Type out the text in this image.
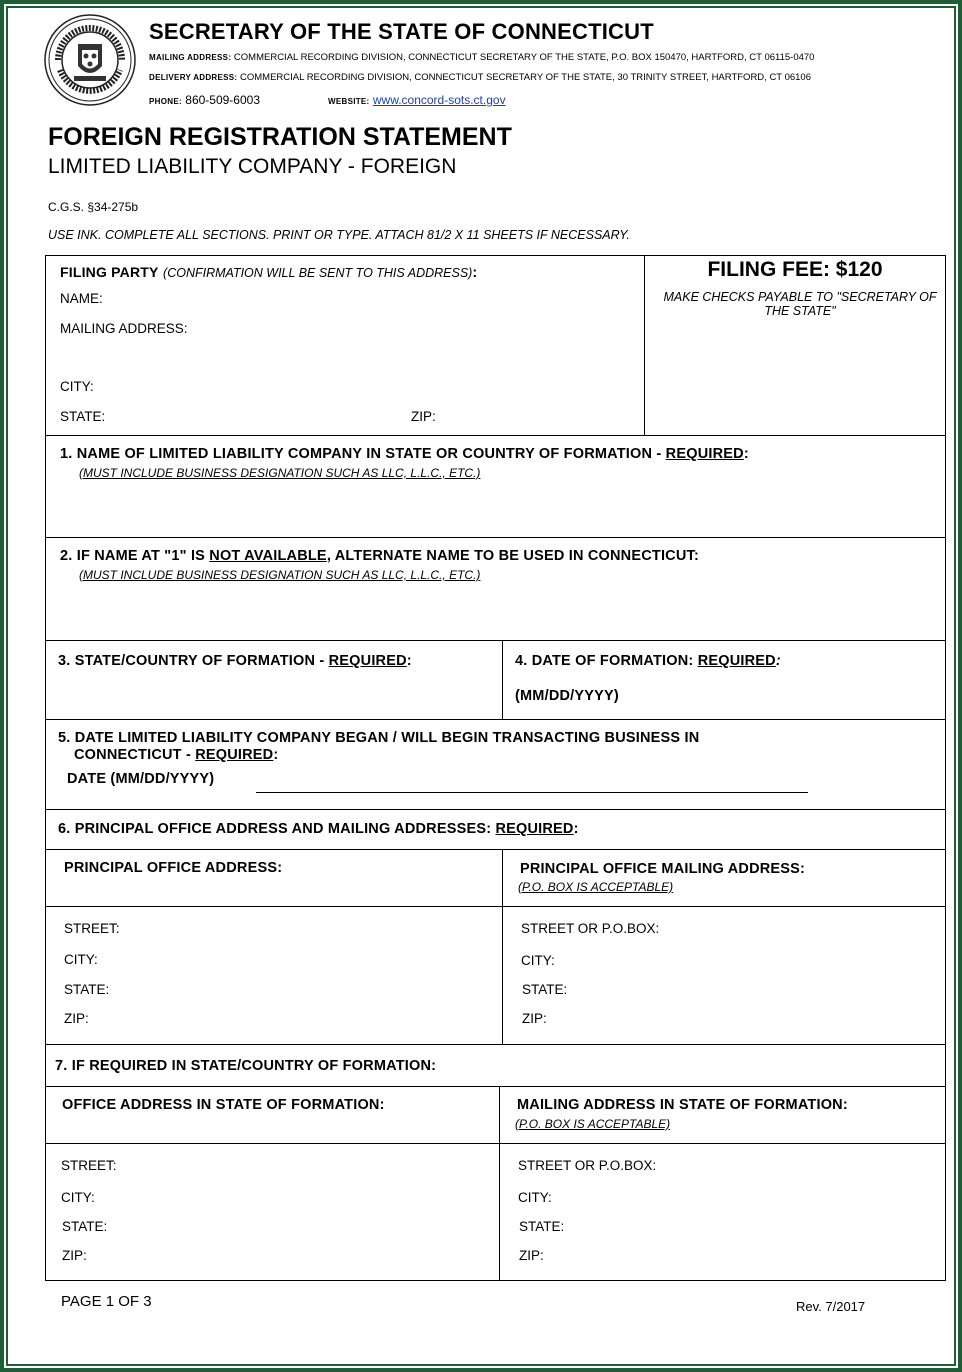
SECRETARY OF THE STATE OF CONNECTICUT
MAILING ADDRESS: COMMERCIAL RECORDING DIVISION, CONNECTICUT SECRETARY OF THE STATE, P.O. BOX 150470, HARTFORD, CT 06115-0470
DELIVERY ADDRESS: COMMERCIAL RECORDING DIVISION, CONNECTICUT SECRETARY OF THE STATE, 30 TRINITY STREET, HARTFORD, CT 06106
PHONE: 860-509-6003	WEBSITE: www.concord-sots.ct.gov
FOREIGN REGISTRATION STATEMENT
LIMITED LIABILITY COMPANY - FOREIGN
C.G.S. §34-275b
USE INK. COMPLETE ALL SECTIONS. PRINT OR TYPE. ATTACH 81/2 X 11 SHEETS IF NECESSARY.
FILING PARTY (CONFIRMATION WILL BE SENT TO THIS ADDRESS):
NAME:
MAILING ADDRESS:
CITY:
STATE:	ZIP:
FILING FEE: $120
MAKE CHECKS PAYABLE TO "SECRETARY OF THE STATE"
1. NAME OF LIMITED LIABILITY COMPANY IN STATE OR COUNTRY OF FORMATION - REQUIRED:
(MUST INCLUDE BUSINESS DESIGNATION SUCH AS LLC, L.L.C., ETC.)
2. IF NAME AT "1" IS NOT AVAILABLE, ALTERNATE NAME TO BE USED IN CONNECTICUT:
(MUST INCLUDE BUSINESS DESIGNATION SUCH AS LLC, L.L.C., ETC.)
3. STATE/COUNTRY OF FORMATION - REQUIRED:	4. DATE OF FORMATION: REQUIRED:
(MM/DD/YYYY)
5. DATE LIMITED LIABILITY COMPANY BEGAN / WILL BEGIN TRANSACTING BUSINESS IN
CONNECTICUT - REQUIRED:
DATE (MM/DD/YYYY)
6. PRINCIPAL OFFICE ADDRESS AND MAILING ADDRESSES: REQUIRED:
PRINCIPAL OFFICE ADDRESS:	PRINCIPAL OFFICE MAILING ADDRESS:
(P.O. BOX IS ACCEPTABLE)
STREET:
CITY:
STATE:
ZIP:
STREET OR P.O.BOX:
CITY:
STATE:
ZIP:
7. IF REQUIRED IN STATE/COUNTRY OF FORMATION:
OFFICE ADDRESS IN STATE OF FORMATION:	MAILING ADDRESS IN STATE OF FORMATION:
(P.O. BOX IS ACCEPTABLE)
STREET:
CITY:
STATE:
ZIP:
STREET OR P.O.BOX:
CITY:
STATE:
ZIP:
PAGE 1 OF 3	Rev. 7/2017
